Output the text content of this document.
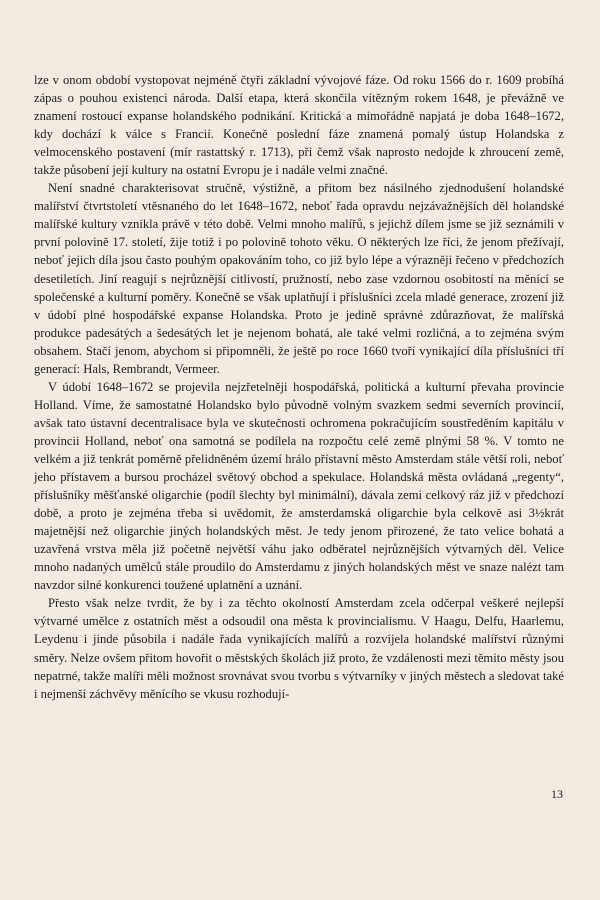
lze v onom období vystopovat nejméně čtyři základní vývojové fáze. Od roku 1566 do r. 1609 probíhá zápas o pouhou existenci národa. Další etapa, která skončila vítězným rokem 1648, je převážně ve znamení rostoucí expanse holandského podnikání. Kritická a mimořádně napjatá je doba 1648–1672, kdy dochází k válce s Francií. Konečně poslední fáze znamená pomalý ústup Holandska z velmocenského postavení (mír rastattský r. 1713), při čemž však naprosto nedojde k zhroucení země, takže působení její kultury na ostatní Evropu je i nadále velmi značné.

Není snadné charakterisovat stručně, výstižně, a přitom bez násilného zjednodušení holandské malířství čtvrtstoletí vtěsnaného do let 1648–1672, neboť řada opravdu nejzávažnějších děl holandské malířské kultury vznikla právě v této době. Velmi mnoho malířů, s jejichž dílem jsme se již seznámili v první polovině 17. století, žije totiž i po polovině tohoto věku. O některých lze říci, že jenom přežívají, neboť jejich díla jsou často pouhým opakováním toho, co již bylo lépe a výrazněji řečeno v předchozích desetiletích. Jiní reagují s nejrůznější citlivostí, pružností, nebo zase vzdornou osobitostí na měnící se společenské a kulturní poměry. Konečně se však uplatňují i příslušníci zcela mladé generace, zrození již v údobí plné hospodářské expanse Holandska. Proto je jedině správné zdůrazňovat, že malířská produkce padesátých a šedesátých let je nejenom bohatá, ale také velmi rozličná, a to zejména svým obsahem. Stačí jenom, abychom si připomněli, že ještě po roce 1660 tvoří vynikající díla příslušníci tří generací: Hals, Rembrandt, Vermeer.

V údobí 1648–1672 se projevila nejzřetelněji hospodářská, politická a kulturní převaha provincie Holland. Víme, že samostatné Holandsko bylo původně volným svazkem sedmi severních provincií, avšak tato ústavní decentralisace byla ve skutečnosti ochromena pokračujícím soustředěním kapitálu v provincii Holland, neboť ona samotná se podílela na rozpočtu celé země plnými 58 %. V tomto ne velkém a již tenkrát poměrně přelidněném území hrálo přístavní město Amsterdam stále větší roli, neboť jeho přístavem a bursou procházel světový obchod a spekulace. Holandská města ovládaná „regenty“, příslušníky měšťanské oligarchie (podíl šlechty byl minimální), dávala zemi celkový ráz již v předchozí době, a proto je zejména třeba si uvědomit, že amsterdamská oligarchie byla celkově asi 3½krát majetnější než oligarchie jiných holandských měst. Je tedy jenom přirozené, že tato velice bohatá a uzavřená vrstva měla již početně největší váhu jako odběratel nejrůznějších výtvarných děl. Velice mnoho nadaných umělců stále proudilo do Amsterdamu z jiných holandských měst ve snaze nalézt tam navzdor silné konkurenci toužené uplatnění a uznání.

Přesto však nelze tvrdit, že by i za těchto okolností Amsterdam zcela odčerpal veškeré nejlepší výtvarné umělce z ostatních měst a odsoudil ona města k provincialismu. V Haagu, Delfu, Haarlemu, Leydenu i jinde působila i nadále řada vynikajících malířů a rozvíjela holandské malířství různými směry. Nelze ovšem přitom hovořit o městských školách již proto, že vzdálenosti mezi těmito městy jsou nepatrné, takže malíři měli možnost srovnávat svou tvorbu s výtvarníky v jiných městech a sledovat také i nejmenší záchvěvy měnícího se vkusu rozhodují-

13
